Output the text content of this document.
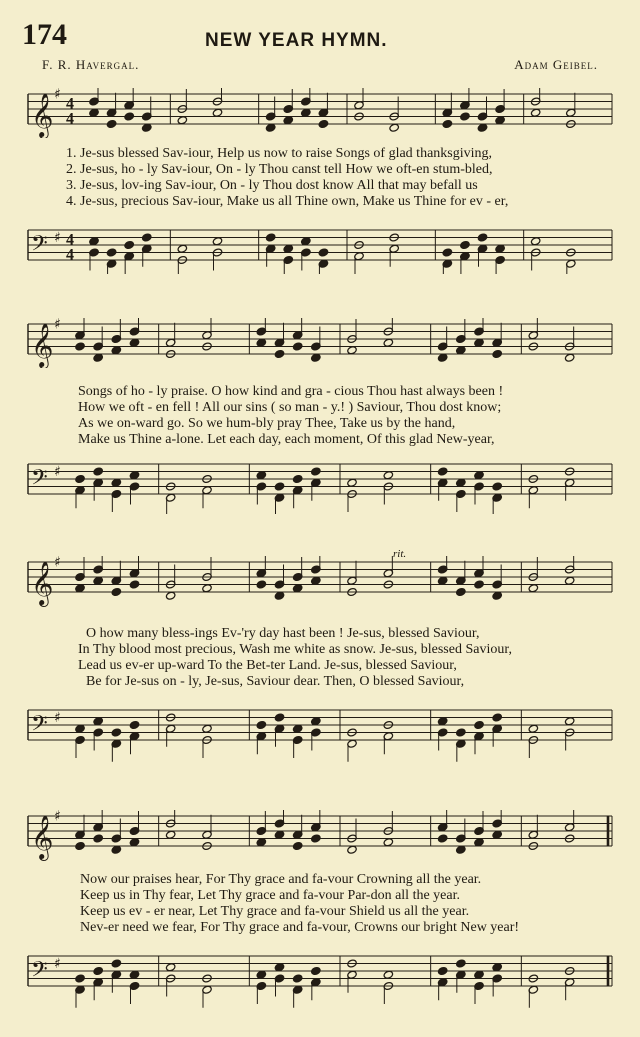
174	NEW YEAR HYMN.
F. R. Havergal.	Adam Geibel.
𝄞 ♯
4
4
1. Je-sus blessed Sav-iour, Help us now to raise Songs of glad thanksgiving,
2. Je-sus, ho - ly Sav-iour, On - ly Thou canst tell How we oft-en stum-bled,
3. Je-sus, lov-ing Sav-iour, On - ly Thou dost know All that may befall us
4. Je-sus, precious Sav-iour, Make us all Thine own, Make us Thine for ev - er,
𝄢 ♯ 4
4
𝄞 ♯
Songs of ho - ly praise. O how kind and gra - cious Thou hast always been !
How we oft - en fell ! All our sins ( so man - y.! ) Saviour, Thou dost know;
As we on-ward go. So we hum-bly pray Thee, Take us by the hand,
Make us Thine a-lone. Let each day, each moment, Of this glad New-year,
𝄢 ♯
𝄞 ♯
rit.
O how many bless-ings Ev-'ry day hast been ! Je-sus, blessed Saviour,
In Thy blood most precious, Wash me white as snow. Je-sus, blessed Saviour,
Lead us ev-er up-ward To the Bet-ter Land. Je-sus, blessed Saviour,
Be for Je-sus on - ly, Je-sus, Saviour dear. Then, O blessed Saviour,
𝄢 ♯
𝄞 ♯
Now our praises hear, For Thy grace and fa-vour Crowning all the year.
Keep us in Thy fear, Let Thy grace and fa-vour Par-don all the year.
Keep us ev - er near, Let Thy grace and fa-vour Shield us all the year.
Nev-er need we fear, For Thy grace and fa-vour, Crowns our bright New year!
𝄢 ♯
